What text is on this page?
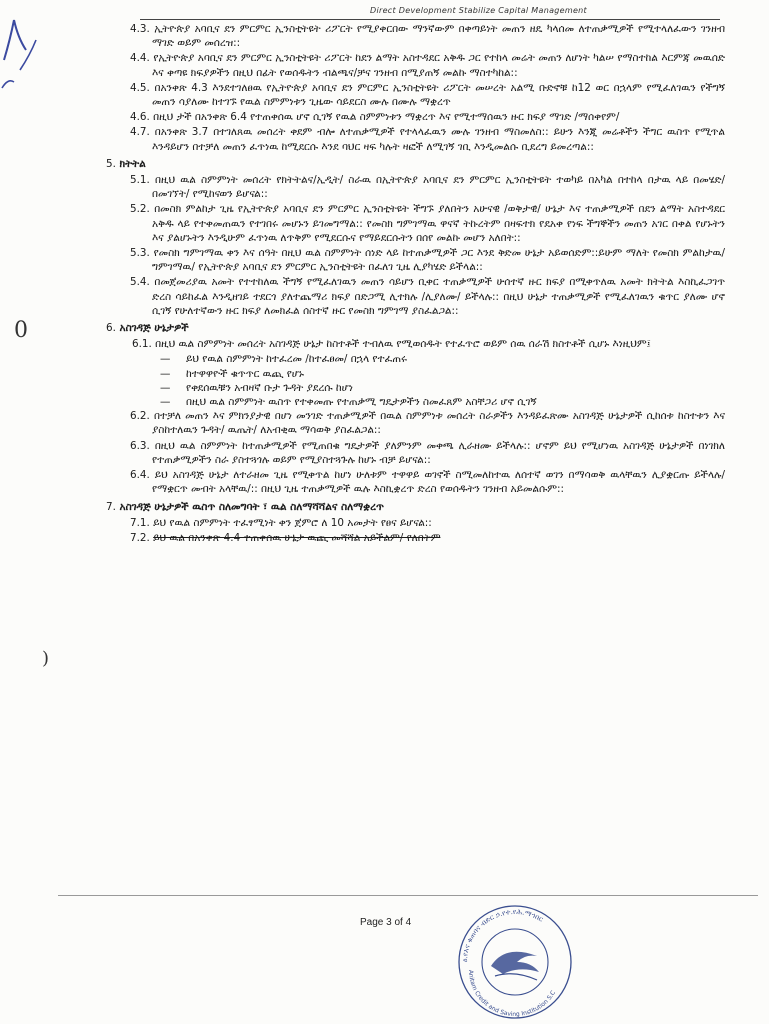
Direct Development Stabilize Capital Management
0
)
4.3. ኢትዮጵያ አባቢና ደን ምርምር ኢንስቲትዩት ሪፖርት የሚያቀርበው ማንኛውም በቀጣይነት መጠን ዘዴ ካላሰመ ለተጠቃሚዎች የሚተላለፈውን ገንዘብ ማገድ ወይም መሰረዝ::
4.4. የኢትዮጵያ አባቢና ደን ምርምር ኢንስቲትዩት ሪፖርት ከደን ልማት አስተዳደር አቅዱ ጋር የተከላ መሬት መጠን ለሆነት ካልሠ የማስተከል እርምጃ መዉሰድ እና ቀጣዩ ክፍያዎችን በዚህ በፊት የወሰዱትን ብልጫና/ቻና ገንዘብ በሚያጠኝ መልኩ ማስተካከል::
4.5. በአንቀጽ 4.3 እንደተገለፀዉ የኢትዮጵያ አባቢና ደን ምርምር ኢንስቲትዩት ሪፖርት መሠረት አልሚ ቡድኖቹ ከ12 ወር በኋላም የሚፈለገዉን የችግኝ መጠን ሳያለሙ ከተገኙ የዉል ስምምነቱን ጊዜው ሳይደርስ ሙሉ በሙሉ ማቋረጥ
4.6. በዚህ ታች በአንቀጽ 6.4 የተጠቀሰዉ ሆኖ ሲገኝ የዉል ስምምነቱን ማቋረጥ እና የሚተማሰዉን ዙር ክፍያ ማገድ /ማሰቀየም/
4.7. በአንቀጽ 3.7 በተገለጸዉ መሰረት ቀደም ብሎ ለተጠቃሚዎች የተላላፈዉን ሙሉ ገንዘብ ማስመለስ:: ይሁን እንጂ መሬቶችን ችግር ዉስጥ የሚጥል እንዳይሆን በተቻለ መጠን ፈጥነዉ ከሚደርሱ እንደ ባህር ዛፍ ካሉት ዛፎች ለሚገኝ ገቢ እንዲመልሱ ቢደረግ ይመረጣል::
5. ክትትል
5.1. በዚህ ዉል ስምምነት መሰረት የክትትልና/ኢዲት/ ስራዉ በኢትዮጵያ አባቢና ደን ምርምር ኢንስቲትዩት ተወካይ በአካል በተከላ በታዉ ላይ በመሄድ/ በመገኘት/ የሚከናወን ይሆናል::
5.2. በመስክ ምልከታ ጊዜ የኢትዮጵያ አባቢና ደን ምርምር ኢንስቲትዩት ችግኙ ያለበትን አሁናዊ /ወቅታዊ/ ሁኔታ እና ተጠቃሚዎች በደን ልማት አስተዳደር አቅዱ ላይ የተቀመጠዉን የተገበሩ መሆኑን ይገመግማል:: የመስክ ግምገማዉ ዋናኛ ትኩረትም በዛፍተክ የደአቀ የነፍ ችግኞችን መጠን አገር በቀል የሆኑትን እና ያልሆኑትን እንዲሁም ፈጥነዉ ለጥቅም የሚደርሱና የማይደርሱትን በሰየ መልኩ መሆን አለበት::
5.3. የመስክ ግምገማዉ ቀን እና ሰዓት በዚህ ዉል ስምምነት ሰነድ ላይ ከተጠቃሚዎች ጋር እንደ ቅድመ ሁኔታ አይወሰድም::ይሁም ማለት የመስክ ምልከታዉ/ ግምገማዉ/ የኢትዮጵያ አባቢና ደን ምርምር ኢንስቲትዩት በፈለገ ጊዜ ሊያካሄድ ይችላል::
5.4. በመጀመሪያዉ አመት የተተከለዉ ችግኝ የሚፈለገዉን መጠን ሳይሆን ቢቀር ተጠቃሚዎች ሁሰተኛ ዙር ክፍያ በሚቀጥለዉ አመት ክትትል እስኪፈጋገጥ ድረስ ሳይከፈል እንዲዘገይ ተደርጎ ያለተጨማሪ ክፍያ በድጋሚ ሊተክሉ /ሊያለሙ/ ይችላሉ:: በዚህ ሁኔታ ተጠቃሚዎች የሚፈለገዉን ቁጥር ያለሙ ሆኖ ሲገኝ የሁለተኛውን ዙር ክፍያ ለመክፈል ሰስተኛ ዙር የመስክ ግምገማ ያስፈልጋል::
6. አስገዳጅ ሁኔታዎች
6.1. በዚህ ዉል ስምምነት መሰረት አስገዳጅ ሁኔታ ከስተቶች ተብለዉ የሚወሰዱት የተፈጥሮ ወይም ሰዉ ሰራሽ ክስተቶች ሲሆኑ እነዚህም፤
— ይህ የዉል ስምምነት ከተፈረመ /ከተፈፀመ/ በኋላ የተፈጠሩ
— ከተዋዋዮች ቁጥጥር ዉጪ የሆኑ
— የቀደሰዉቹን አብዛኛ ቡታ ጉዳት ያደረሱ ከሆነ
— በዚህ ዉል ስምምነት ዉስጥ የተቀመጡ የተጠቃሚ ግዴታዎችን ስመፈጸም አስቸጋሪ ሆኖ ሲገኝ
6.2. በተቻለ መጠን እና ምክንያታዊ በሆነ መንገድ ተጠቃሚዎች በዉል ስምምነቱ መሰረት ስራዎችን እንዳይፈጽሙ አስገዳጅ ሁኔታዎች ሲከሰቱ ከስተቱን እና ያስከተለዉን ጉዳት/ ዉጤት/ ለአብቂዉ ማሳወቅ ያስፈልጋል::
6.3. በዚህ ዉል ስምምነት ከተጠቃሚዎች የሚጠበቁ ግዴታዎች ያለምንም መቀጫ ሊራዘሙ ይችላሉ:: ሆኖም ይህ የሚሆነዉ አስገዳጅ ሁኔታዎች በነገክለ የተጠቃሚዎችን ስራ ያስተጓጎሉ ወይም የሚያስተጓጉሉ ከሆኑ ብቻ ይሆናል::
6.4. ይህ አስገዳጅ ሁኔታ ለተራዘመ ጊዜ የሚቀጥል ከሆነ ሁለቱም ተዋዋይ ወገኖች ስሚመለከተዉ ለሰተኛ ወገን በማሳወቅ ዉላቸዉን ሊያቋርጡ ይችላሉ/የማቋርጥ መብት አላቸዉ/:: በዚህ ጊዜ ተጠቃሚዎች ዉሉ እስኪቋረጥ ድረስ የወሰዱትን ገንዘብ አይመልሱም::
7. አስገዳጅ ሁኔታዎች ዉስጥ ስለመግባት ፣ ዉል ስለማሻሻልና ስለማቋረጥ
7.1. ይህ የዉል ስምምነት ተፈፃሚነት ቀን ጀምሮ ለ 10 አመታት የፀና ይሆናል::
7.2. ይህ ዉል በአንቀጽ 4.4 ተጠቀሰዉ ሁኔታ ዉጪ መሻሻል አይችልም/ የለበትም
Page 3 of 4
ዕ.የእና ቁጠባና ብድር ኃ.የተ.የሕ.ማኅበር
Anitam Credit and Saving Institution S.C
